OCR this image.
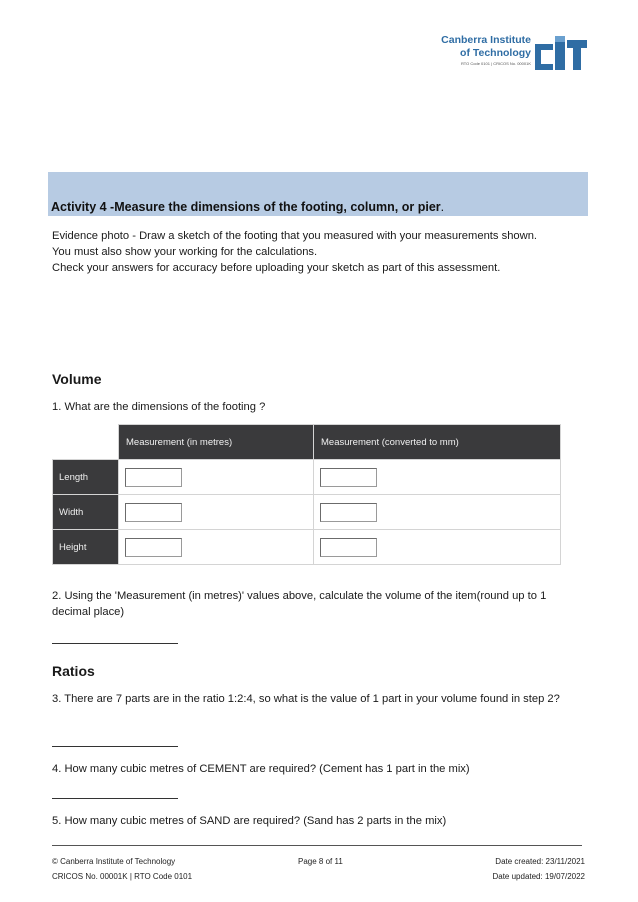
Canberra Institute
of Technology
RTO Code 0101 | CRICOS No. 00001K
Activity 4 -Measure the dimensions of the footing, column, or pier.
Evidence photo - Draw a sketch of the footing that you measured with your measurements shown.
You must also show your working for the calculations.
Check your answers for accuracy before uploading your sketch as part of this assessment.
Volume
1. What are the dimensions of the footing ?
	Measurement (in metres)	Measurement (converted to mm)
Length	

Width	

Height	

2. Using the 'Measurement (in metres)' values above, calculate the volume of the item(round up to 1 decimal place)
Ratios
3. There are 7 parts are in the ratio 1:2:4, so what is the value of 1 part in your volume found in step 2?
4. How many cubic metres of CEMENT are required? (Cement has 1 part in the mix)
5. How many cubic metres of SAND are required? (Sand has 2 parts in the mix)
© Canberra Institute of Technology
CRICOS No. 00001K | RTO Code 0101
Page 8 of 11	Date created: 23/11/2021
Date updated: 19/07/2022
